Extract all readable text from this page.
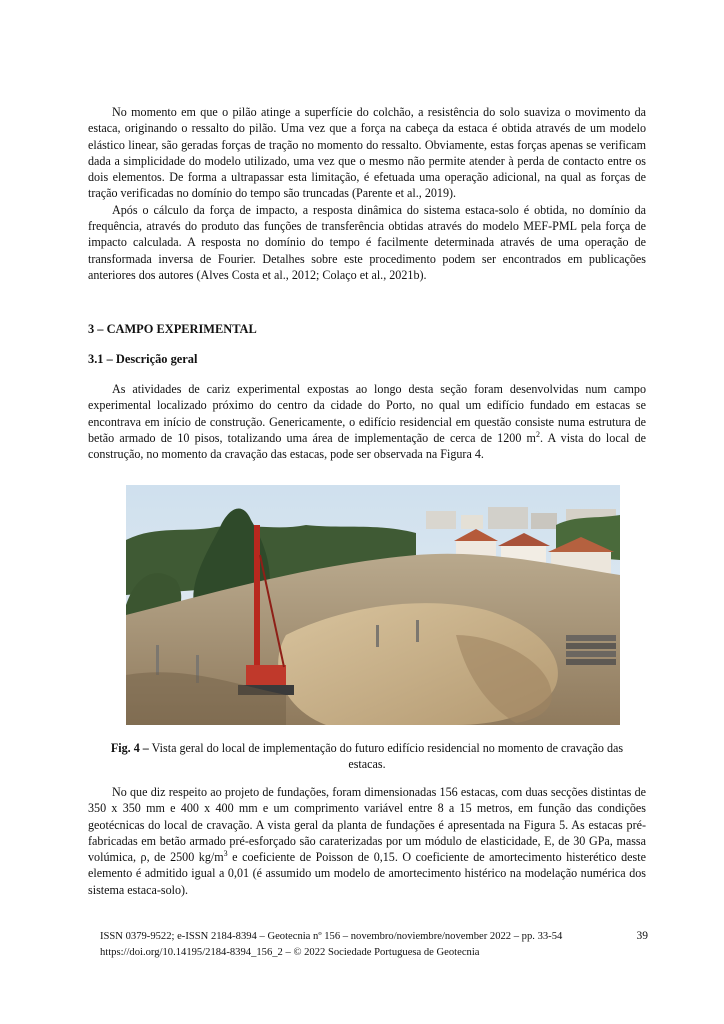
No momento em que o pilão atinge a superfície do colchão, a resistência do solo suaviza o movimento da estaca, originando o ressalto do pilão. Uma vez que a força na cabeça da estaca é obtida através de um modelo elástico linear, são geradas forças de tração no momento do ressalto. Obviamente, estas forças apenas se verificam dada a simplicidade do modelo utilizado, uma vez que o mesmo não permite atender à perda de contacto entre os dois elementos. De forma a ultrapassar esta limitação, é efetuada uma operação adicional, na qual as forças de tração verificadas no domínio do tempo são truncadas (Parente et al., 2019).

Após o cálculo da força de impacto, a resposta dinâmica do sistema estaca-solo é obtida, no domínio da frequência, através do produto das funções de transferência obtidas através do modelo MEF-PML pela força de impacto calculada. A resposta no domínio do tempo é facilmente determinada através de uma operação de transformada inversa de Fourier. Detalhes sobre este procedimento podem ser encontrados em publicações anteriores dos autores (Alves Costa et al., 2012; Colaço et al., 2021b).

3 – CAMPO EXPERIMENTAL
3.1 – Descrição geral

As atividades de cariz experimental expostas ao longo desta seção foram desenvolvidas num campo experimental localizado próximo do centro da cidade do Porto, no qual um edifício fundado em estacas se encontrava em início de construção. Genericamente, o edifício residencial em questão consiste numa estrutura de betão armado de 10 pisos, totalizando uma área de implementação de cerca de 1200 $m^2$. A vista do local de construção, no momento da cravação das estacas, pode ser observada na Figura 4.

Fig. 4 – Vista geral do local de implementação do futuro edifício residencial no momento de cravação das estacas.

No que diz respeito ao projeto de fundações, foram dimensionadas 156 estacas, com duas secções distintas de 350 x 350 mm e 400 x 400 mm e um comprimento variável entre 8 a 15 metros, em função das condições geotécnicas do local de cravação. A vista geral da planta de fundações é apresentada na Figura 5. As estacas pré-fabricadas em betão armado pré-esforçado são caraterizadas por um módulo de elasticidade, E, de 30 GPa, massa volúmica, ρ, de 2500 $kg/m^3$ e coeficiente de Poisson de 0,15. O coeficiente de amortecimento histerético deste elemento é admitido igual a 0,01 (é assumido um modelo de amortecimento histérico na modelação numérica dos sistema estaca-solo).

ISSN 0379-9522; e-ISSN 2184-8394 – Geotecnia nº 156 – novembro/noviembre/november 2022 – pp. 33-54	39
https://doi.org/10.14195/2184-8394_156_2 – © 2022 Sociedade Portuguesa de Geotecnia
